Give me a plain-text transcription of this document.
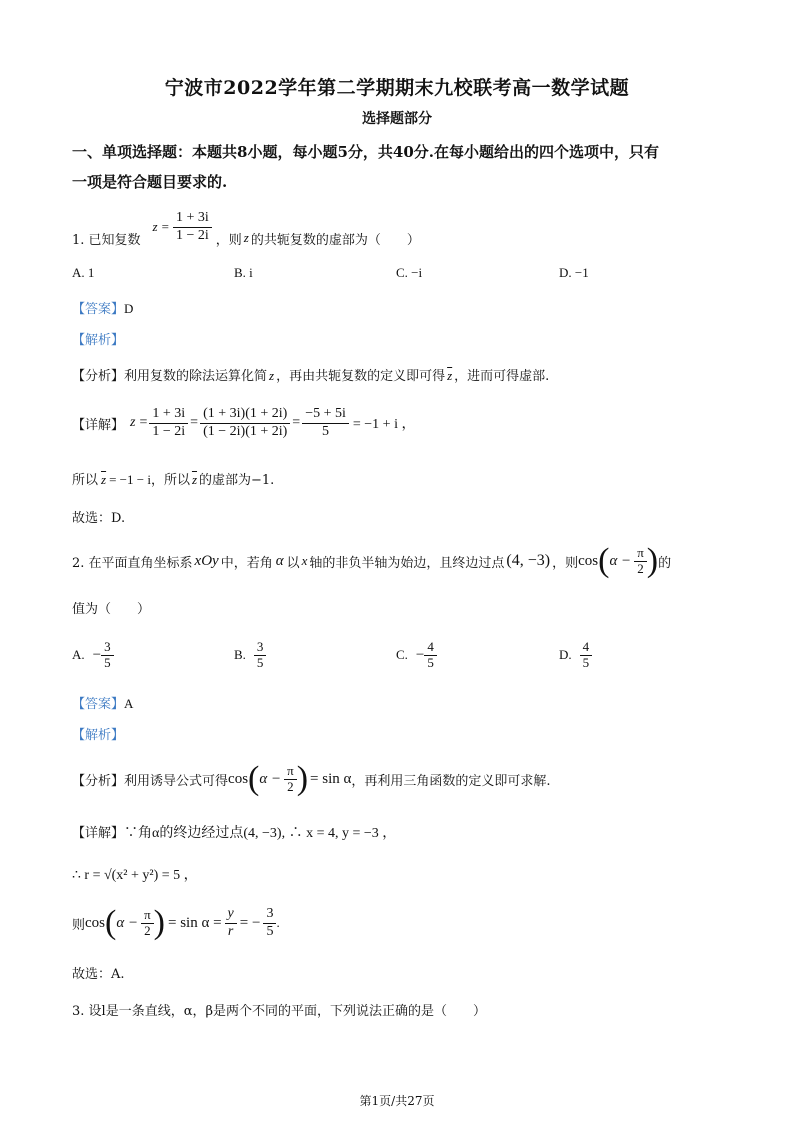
宁波市2022学年第二学期期末九校联考高一数学试题
选择题部分
一、单项选择题：本题共8小题，每小题5分，共40分.在每小题给出的四个选项中，只有
一项是符合题目要求的.
1. 已知复数
$z = \frac{1 + 3i}{1 - 2i}$ ，则 z 的共轭复数的虚部为（　　）
A. 1	B. i	C. −i	D. −1
【答案】D
【解析】
【分析】利用复数的除法运算化简 z ，再由共轭复数的定义即可得 $\overline{z}$ ，进而可得虚部.
【详解】 $z = \frac{1 + 3i}{1 - 2i} = \frac{(1 + 3i)(1 + 2i)}{(1 - 2i)(1 + 2i)} = \frac{-5 + 5i}{5} = -1 + i$ ，
所以 $\overline{z} = -1 - i$，所以 $\overline{z}$ 的虚部为−1.
故选：D.
2. 在平面直角坐标系 xOy 中，若角 α 以 x 轴的非负半轴为始边，且终边过点 (4, −3) ，则 cos ( $\alpha - \frac{\pi}{2}$ ) 的
值为（　　）
A. − $\frac{3}{5}$	B. $\frac{3}{5}$	C. − $\frac{4}{5}$	D. $\frac{4}{5}$
【答案】A
【解析】
【分析】 利用诱导公式可得 cos ( $\alpha - \frac{\pi}{2}$ ) = sin α ，再利用三角函数的定义即可求解.
【详解】∵角α的终边经过点(4, −3), ∴ x = 4, y = −3 ，
∴ r = √(x² + y²) = 5 ，
则 cos ( $\alpha - \frac{\pi}{2}$ ) = $\sin \alpha = \frac{y}{r}$ = − $\frac{3}{5}$ .
故选：A.
3. 设l是一条直线，α，β是两个不同的平面，下列说法正确的是（　　）
第1页/共27页
